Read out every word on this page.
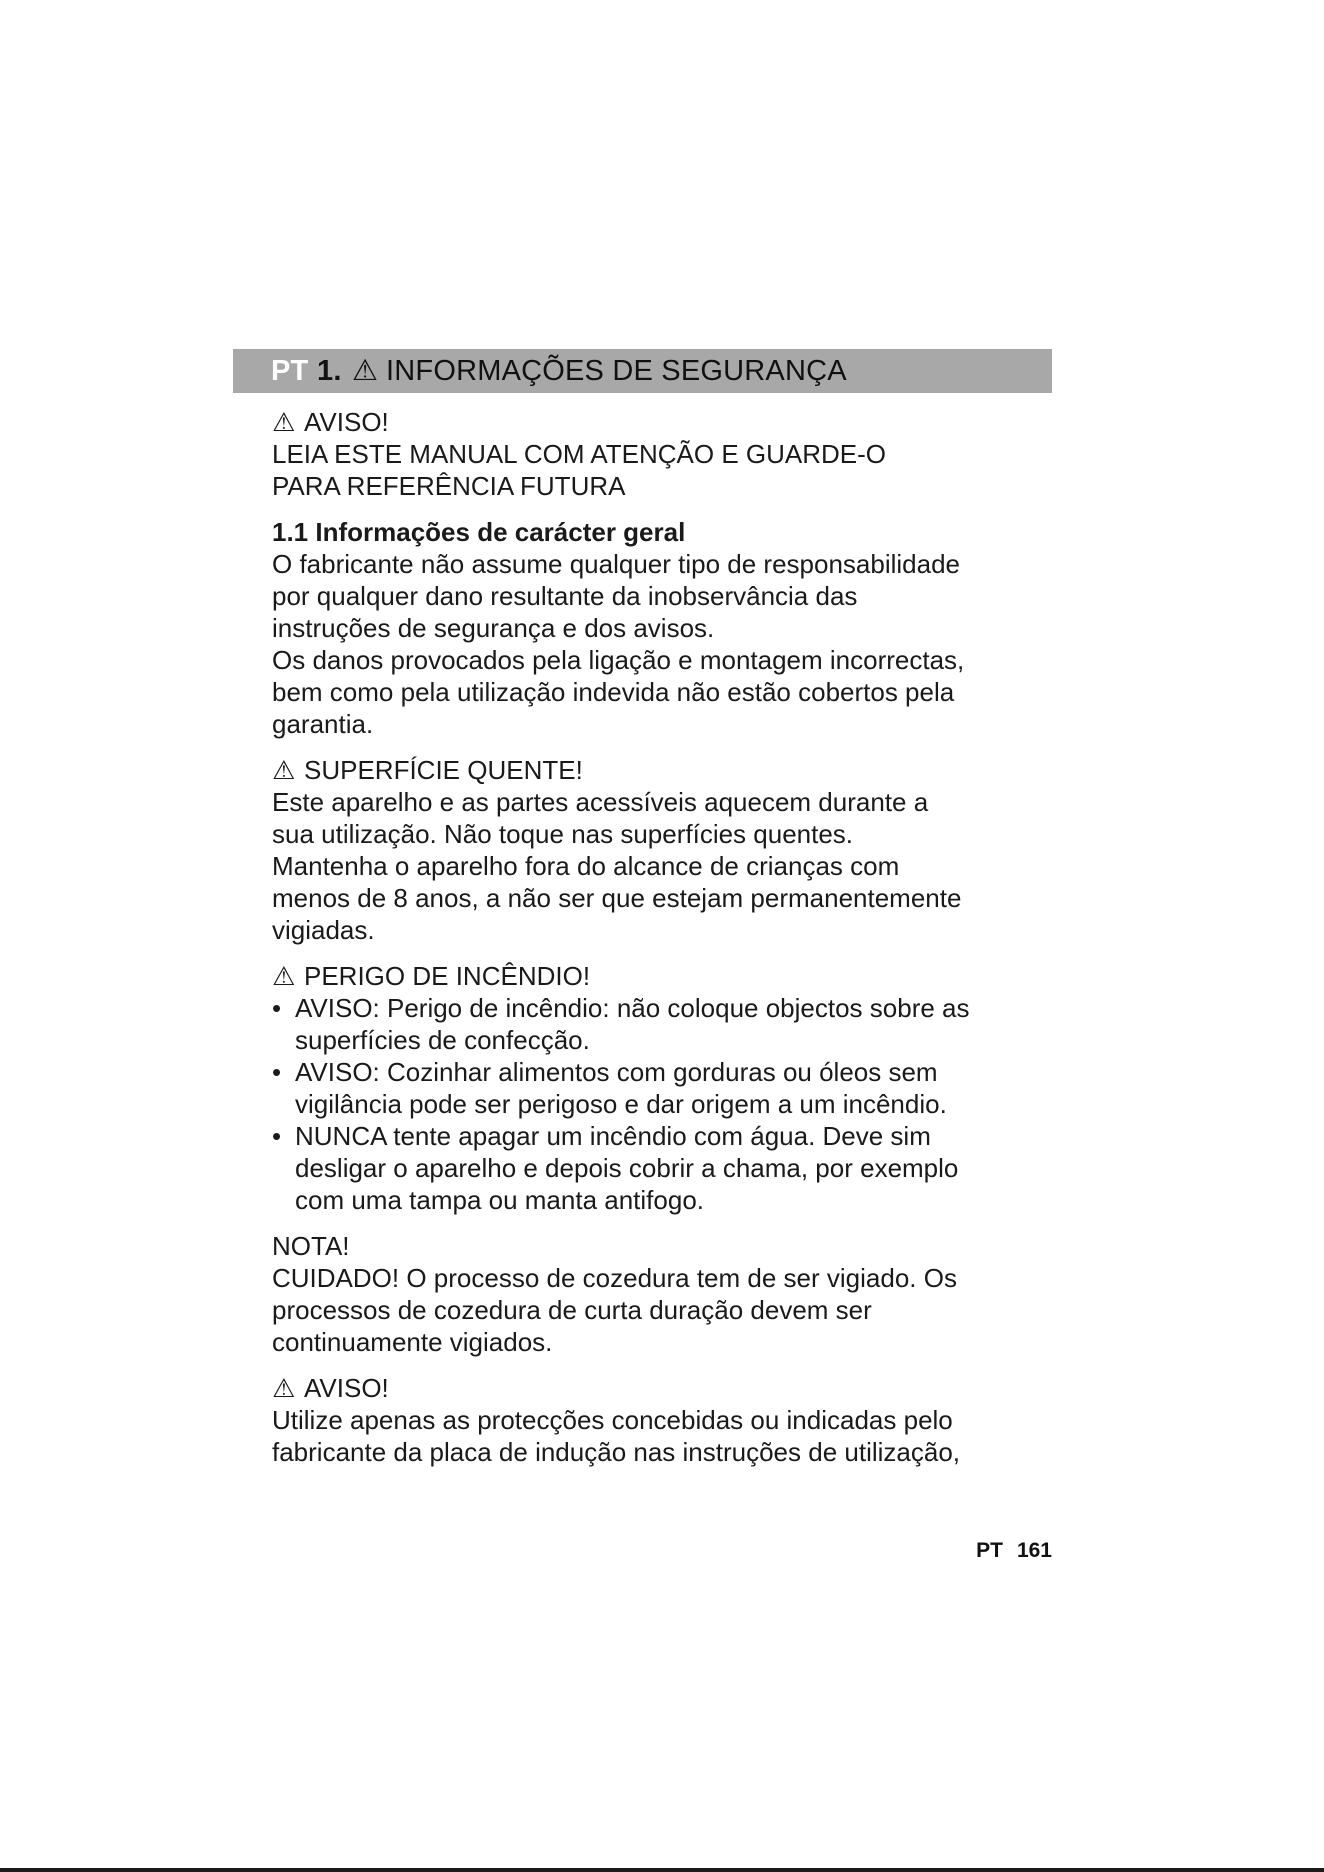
PT 1. ⚠ INFORMAÇÕES DE SEGURANÇA
⚠ AVISO!
LEIA ESTE MANUAL COM ATENÇÃO E GUARDE-O
PARA REFERÊNCIA FUTURA
1.1 Informações de carácter geral
O fabricante não assume qualquer tipo de responsabilidade
por qualquer dano resultante da inobservância das
instruções de segurança e dos avisos.
Os danos provocados pela ligação e montagem incorrectas,
bem como pela utilização indevida não estão cobertos pela
garantia.
⚠ SUPERFÍCIE QUENTE!
Este aparelho e as partes acessíveis aquecem durante a
sua utilização. Não toque nas superfícies quentes.
Mantenha o aparelho fora do alcance de crianças com
menos de 8 anos, a não ser que estejam permanentemente
vigiadas.
⚠ PERIGO DE INCÊNDIO!
• AVISO: Perigo de incêndio: não coloque objectos sobre as
superfícies de confecção.
• AVISO: Cozinhar alimentos com gorduras ou óleos sem
vigilância pode ser perigoso e dar origem a um incêndio.
• NUNCA tente apagar um incêndio com água. Deve sim
desligar o aparelho e depois cobrir a chama, por exemplo
com uma tampa ou manta antifogo.
NOTA!
CUIDADO! O processo de cozedura tem de ser vigiado. Os
processos de cozedura de curta duração devem ser
continuamente vigiados.
⚠ AVISO!
Utilize apenas as protecções concebidas ou indicadas pelo
fabricante da placa de indução nas instruções de utilização,
PT 161
